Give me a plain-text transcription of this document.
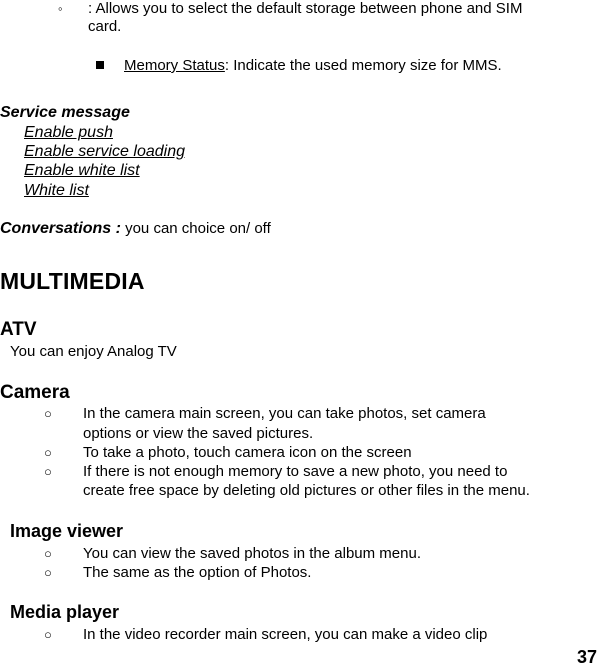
◦ : Allows you to select the default storage between phone and SIM
card.
Memory Status: Indicate the used memory size for MMS.
Service message
Enable push
Enable service loading
Enable white list
White list
Conversations : you can choice on/ off
MULTIMEDIA
ATV
You can enjoy Analog TV
Camera
○ In the camera main screen, you can take photos, set camera
options or view the saved pictures.
○ To take a photo, touch camera icon on the screen
○ If there is not enough memory to save a new photo, you need to
create free space by deleting old pictures or other files in the menu.
Image viewer
○ You can view the saved photos in the album menu.
○ The same as the option of Photos.
Media player
○ In the video recorder main screen, you can make a video clip
37
